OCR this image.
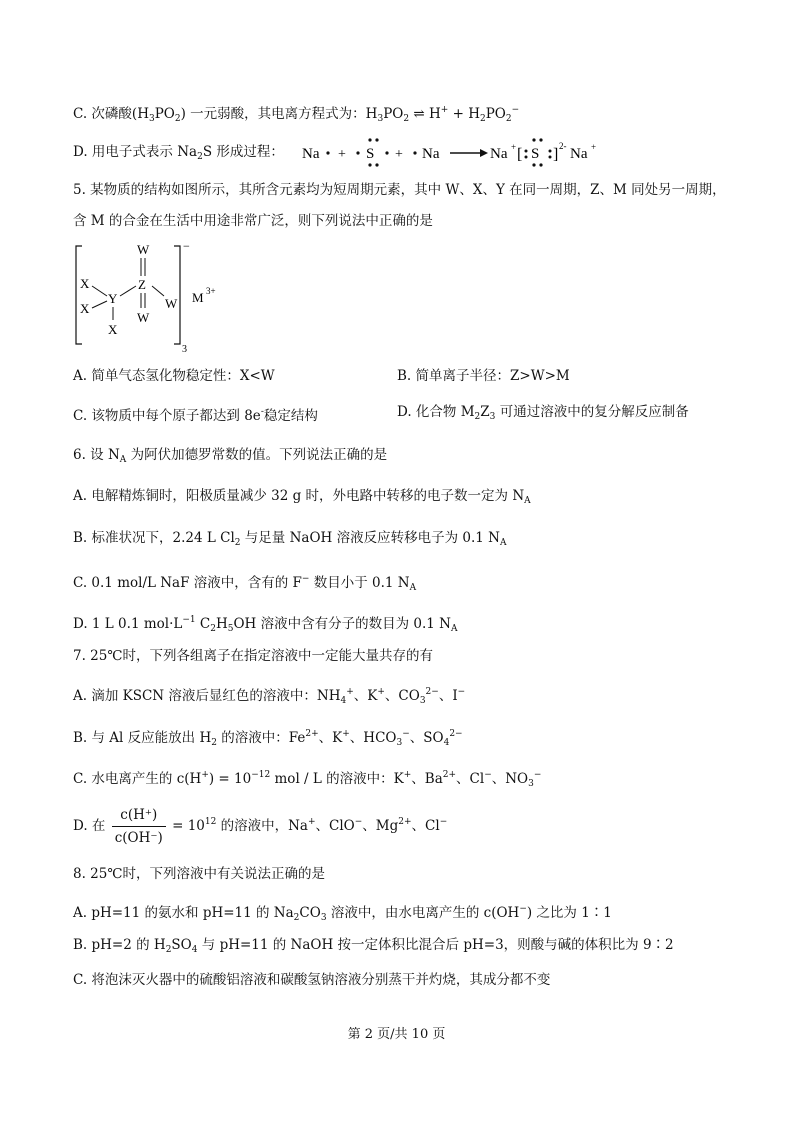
C. 次磷酸$(H_3PO_2)$ 一元弱酸，其电离方程式为：$H_3PO_2$ ⇌ $H^+ + H_2PO_2^-$
D. 用电子式表示 $Na_2S$ 形成过程： Na + S + Na	Na + [ S ] 2- Na +
5. 某物质的结构如图所示，其所含元素均为短周期元素，其中 W、X、Y 在同一周期，Z、M 同处另一周期，
含 M 的合金在生活中用途非常广泛，则下列说法中正确的是
−
3
M 3+
W
Z
W
W
Y
X
X
X
A. 简单气态氢化物稳定性：X<W	B. 简单离子半径：Z>W>M
C. 该物质中每个原子都达到 8e-稳定结构	D. 化合物 $M_2Z_3$ 可通过溶液中的复分解反应制备
6. 设 $N_A$ 为阿伏加德罗常数的值。下列说法正确的是
A. 电解精炼铜时，阳极质量减少 32 g 时，外电路中转移的电子数一定为 $N_A$
B. 标准状况下，2.24 L $Cl_2$ 与足量 NaOH 溶液反应转移电子为 0.1 $N_A$
C. 0.1 mol/L NaF 溶液中，含有的 F− 数目小于 0.1 $N_A$
D. 1 L 0.1 $mol\cdot L^{-1}$ $C_2H_5OH$ 溶液中含有分子的数目为 0.1 $N_A$
7. 25℃时，下列各组离子在指定溶液中一定能大量共存的有
A. 滴加 KSCN 溶液后显红色的溶液中：$NH_4^+$、K+、$CO_3^{2-}$、I−
B. 与 Al 反应能放出 $H_2$ 的溶液中：$Fe^{2+}$、K+、$HCO_3^-$、$SO_4^{2-}$
C. 水电离产生的 $c(H^+) = 10^{-12}$ mol / L 的溶液中：K+、$Ba^{2+}$、Cl−、$NO_3^-$
D. 在 $\frac{c(H^+)}{c(OH^-)} = 10^{12}$ 的溶液中，Na+、ClO−、$Mg^{2+}$、Cl−
8. 25℃时，下列溶液中有关说法正确的是
A. pH=11 的氨水和 pH=11 的 $Na_2CO_3$ 溶液中，由水电离产生的 c(OH−) 之比为 1∶1
B. pH=2 的 $H_2SO_4$ 与 pH=11 的 NaOH 按一定体积比混合后 pH=3，则酸与碱的体积比为 9∶2
C. 将泡沫灭火器中的硫酸铝溶液和碳酸氢钠溶液分别蒸干并灼烧，其成分都不变
第 2 页/共 10 页
